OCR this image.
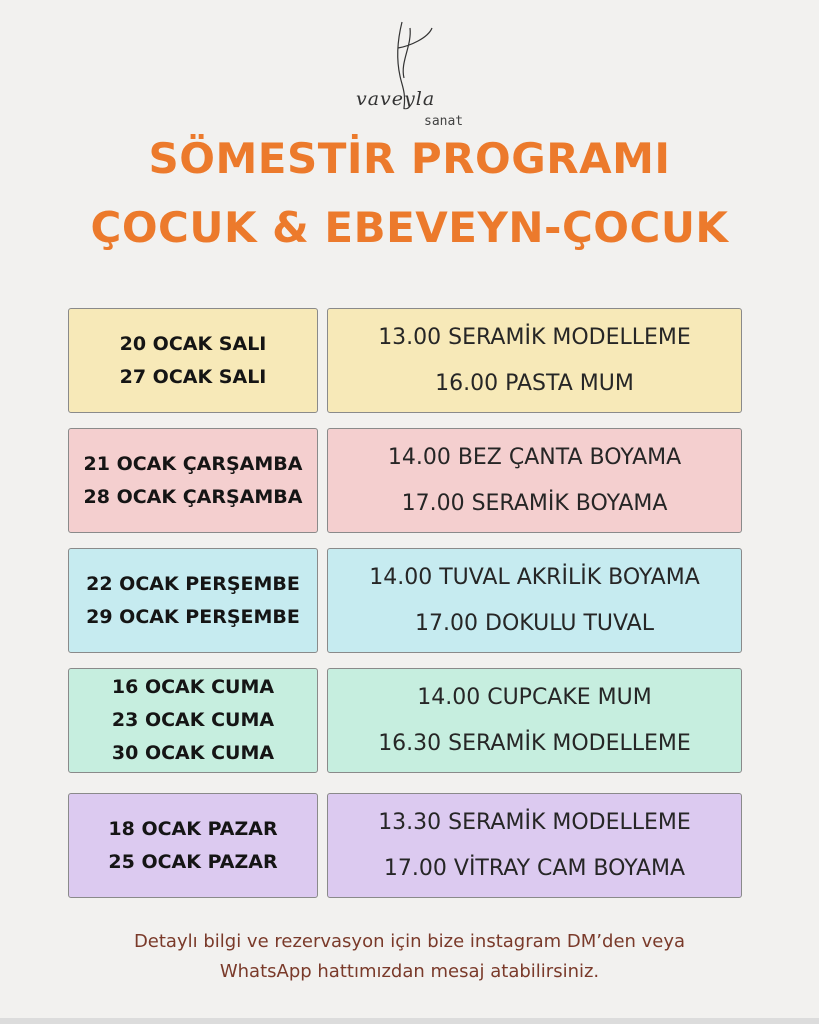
vaveyla
sanat
SÖMESTİR PROGRAMI
ÇOCUK & EBEVEYN-ÇOCUK
20 OCAK SALI
27 OCAK SALI
13.00 SERAMİK MODELLEME
16.00 PASTA MUM
21 OCAK ÇARŞAMBA
28 OCAK ÇARŞAMBA
14.00 BEZ ÇANTA BOYAMA
17.00 SERAMİK BOYAMA
22 OCAK PERŞEMBE
29 OCAK PERŞEMBE
14.00 TUVAL AKRİLİK BOYAMA
17.00 DOKULU TUVAL
16 OCAK CUMA
23 OCAK CUMA
30 OCAK CUMA
14.00 CUPCAKE MUM
16.30 SERAMİK MODELLEME
18 OCAK PAZAR
25 OCAK PAZAR
13.30 SERAMİK MODELLEME
17.00 VİTRAY CAM BOYAMA
Detaylı bilgi ve rezervasyon için bize instagram DM’den veya
WhatsApp hattımızdan mesaj atabilirsiniz.
